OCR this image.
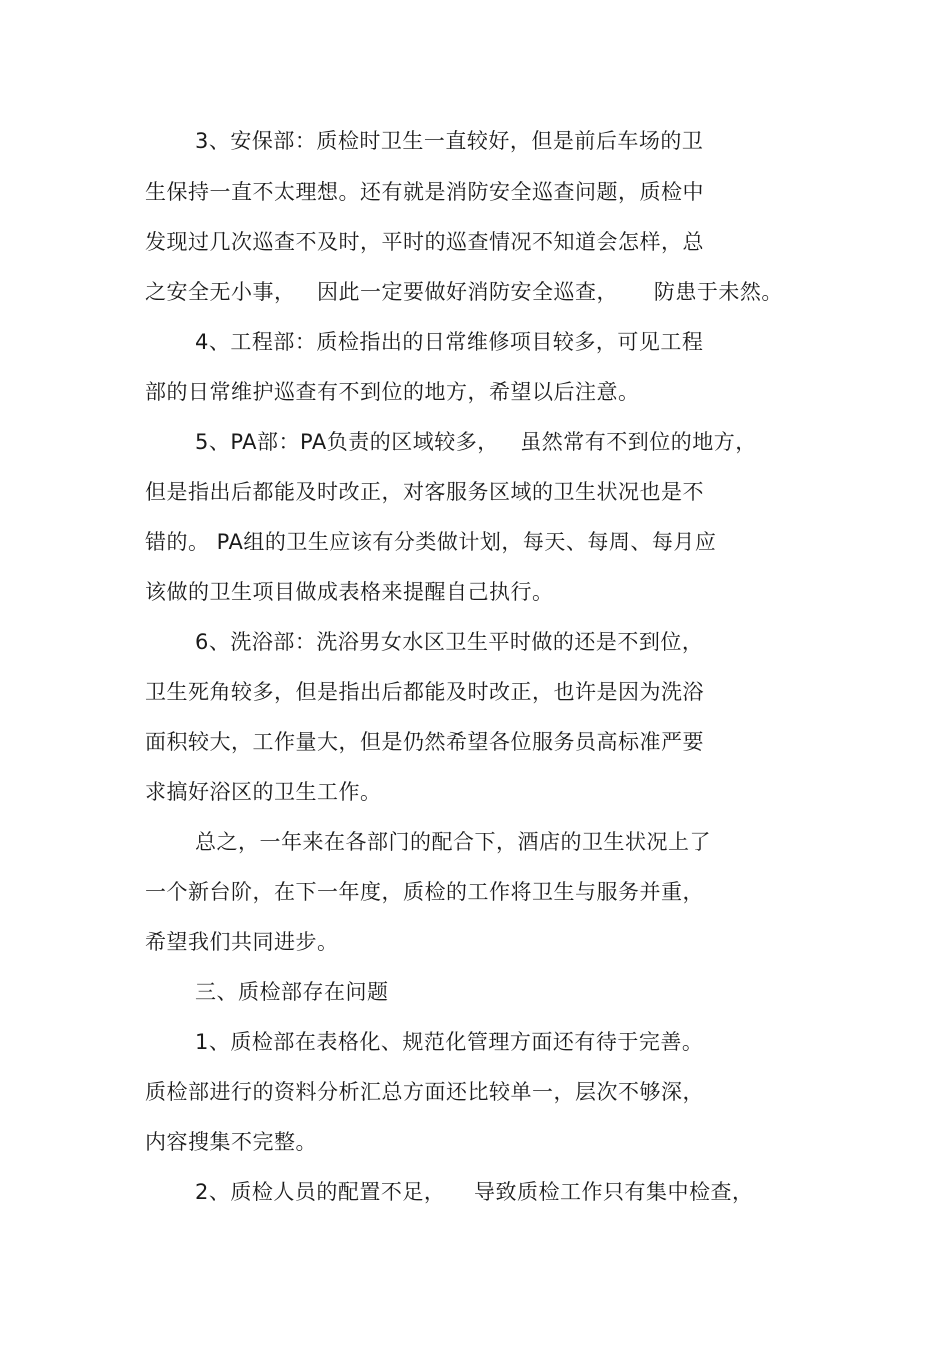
3、安保部：质检时卫生一直较好，但是前后车场的卫
生保持一直不太理想。还有就是消防安全巡查问题，质检中
发现过几次巡查不及时，平时的巡查情况不知道会怎样，总
之安全无小事，   因此一定要做好消防安全巡查，     防患于未然。
4、工程部：质检指出的日常维修项目较多，可见工程
部的日常维护巡查有不到位的地方，希望以后注意。
5、PA部：PA负责的区域较多，   虽然常有不到位的地方，
但是指出后都能及时改正，对客服务区域的卫生状况也是不
错的。 PA组的卫生应该有分类做计划，每天、每周、每月应
该做的卫生项目做成表格来提醒自己执行。
6、洗浴部：洗浴男女水区卫生平时做的还是不到位，
卫生死角较多，但是指出后都能及时改正，也许是因为洗浴
面积较大，工作量大，但是仍然希望各位服务员高标准严要
求搞好浴区的卫生工作。
总之，一年来在各部门的配合下，酒店的卫生状况上了
一个新台阶，在下一年度，质检的工作将卫生与服务并重，
希望我们共同进步。
三、质检部存在问题
1、质检部在表格化、规范化管理方面还有待于完善。
质检部进行的资料分析汇总方面还比较单一，层次不够深，
内容搜集不完整。
2、质检人员的配置不足，    导致质检工作只有集中检查，
